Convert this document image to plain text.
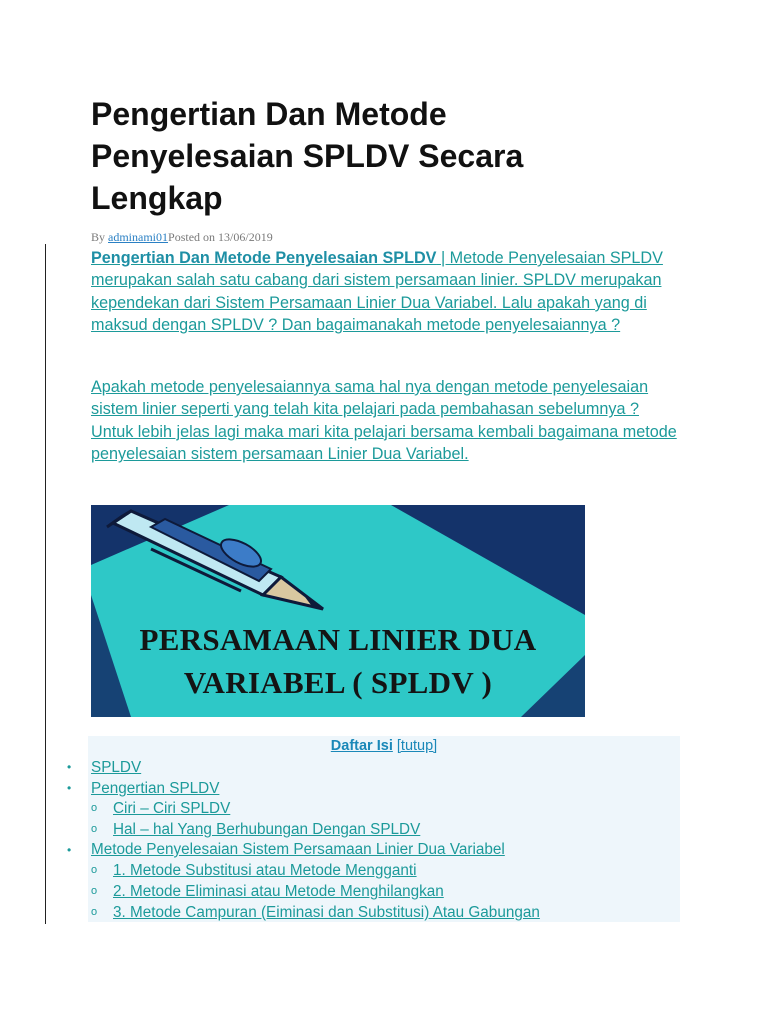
Pengertian Dan Metode Penyelesaian SPLDV Secara Lengkap
By adminami01Posted on 13/06/2019

Pengertian Dan Metode Penyelesaian SPLDV | Metode Penyelesaian SPLDV merupakan salah satu cabang dari sistem persamaan linier. SPLDV merupakan kependekan dari Sistem Persamaan Linier Dua Variabel. Lalu apakah yang di maksud dengan SPLDV ? Dan bagaimanakah metode penyelesaiannya ?

Apakah metode penyelesaiannya sama hal nya dengan metode penyelesaian sistem linier seperti yang telah kita pelajari pada pembahasan sebelumnya ? Untuk lebih jelas lagi maka mari kita pelajari bersama kembali bagaimana metode penyelesaian sistem persamaan Linier Dua Variabel.

PERSAMAAN LINIER DUA
VARIABEL ( SPLDV )
Daftar Isi [tutup]
• SPLDV
• Pengertian SPLDV
o Ciri – Ciri SPLDV
o Hal – hal Yang Berhubungan Dengan SPLDV
• Metode Penyelesaian Sistem Persamaan Linier Dua Variabel
o 1. Metode Substitusi atau Metode Mengganti
o 2. Metode Eliminasi atau Metode Menghilangkan
o 3. Metode Campuran (Eiminasi dan Substitusi) Atau Gabungan
